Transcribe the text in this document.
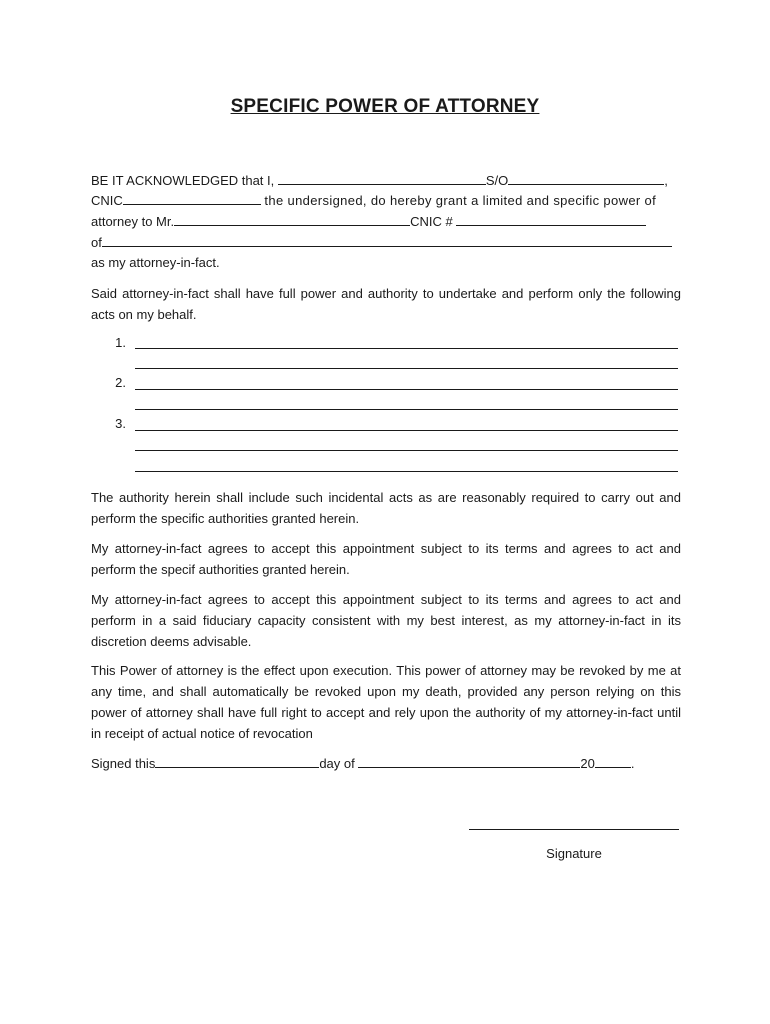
SPECIFIC POWER OF ATTORNEY
BE IT ACKNOWLEDGED that I,	S/O	,
CNIC	the undersigned, do hereby grant a limited and specific power of
attorney to Mr.	CNIC #
of
as my attorney-in-fact.
Said attorney-in-fact shall have full power and authority to undertake and perform only the following acts on my behalf.
1.
2.
3.
The authority herein shall include such incidental acts as are reasonably required to carry out and perform the specific authorities granted herein.
My attorney-in-fact agrees to accept this appointment subject to its terms and agrees to act and perform the specif authorities granted herein.
My attorney-in-fact agrees to accept this appointment subject to its terms and agrees to act and perform in a said fiduciary capacity consistent with my best interest, as my attorney-in-fact in its discretion deems advisable.
This Power of attorney is the effect upon execution. This power of attorney may be revoked by me at any time, and shall automatically be revoked upon my death, provided any person relying on this power of attorney shall have full right to accept and rely upon the authority of my attorney-in-fact until in receipt of actual notice of revocation
Signed this	day of	20	.
Signature
